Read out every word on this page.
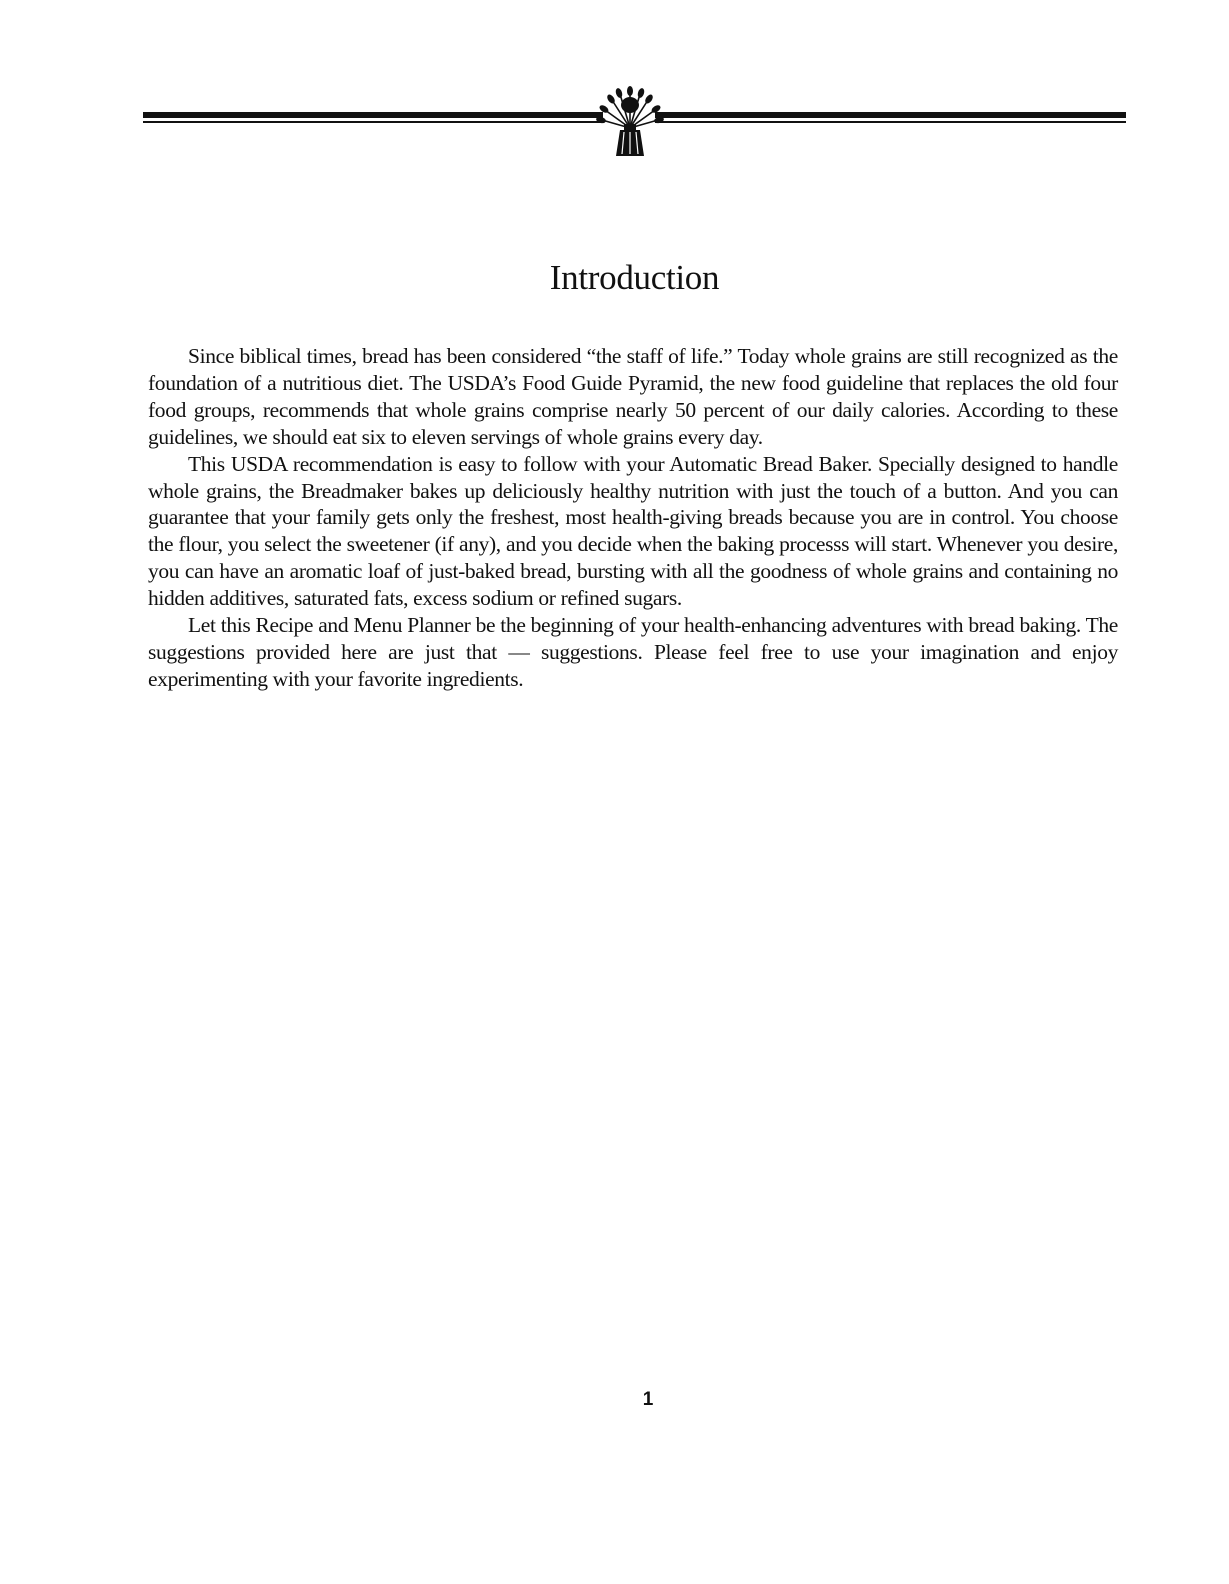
Introduction

Since biblical times, bread has been considered “the staff of life.” Today whole grains are still recognized as the foundation of a nutritious diet. The USDA’s Food Guide Pyramid, the new food guideline that replaces the old four food groups, recommends that whole grains comprise nearly 50 percent of our daily calories. According to these guidelines, we should eat six to eleven servings of whole grains every day.

This USDA recommendation is easy to follow with your Automatic Bread Baker. Specially designed to handle whole grains, the Breadmaker bakes up deliciously healthy nutrition with just the touch of a button. And you can guarantee that your family gets only the freshest, most health-giving breads because you are in control. You choose the flour, you select the sweetener (if any), and you decide when the baking processs will start. Whenever you desire, you can have an aromatic loaf of just-baked bread, bursting with all the goodness of whole grains and containing no hidden additives, saturated fats, excess sodium or refined sugars.

Let this Recipe and Menu Planner be the beginning of your health-enhancing adventures with bread baking. The suggestions provided here are just that — suggestions. Please feel free to use your imagination and enjoy experimenting with your favorite ingredients.

1
